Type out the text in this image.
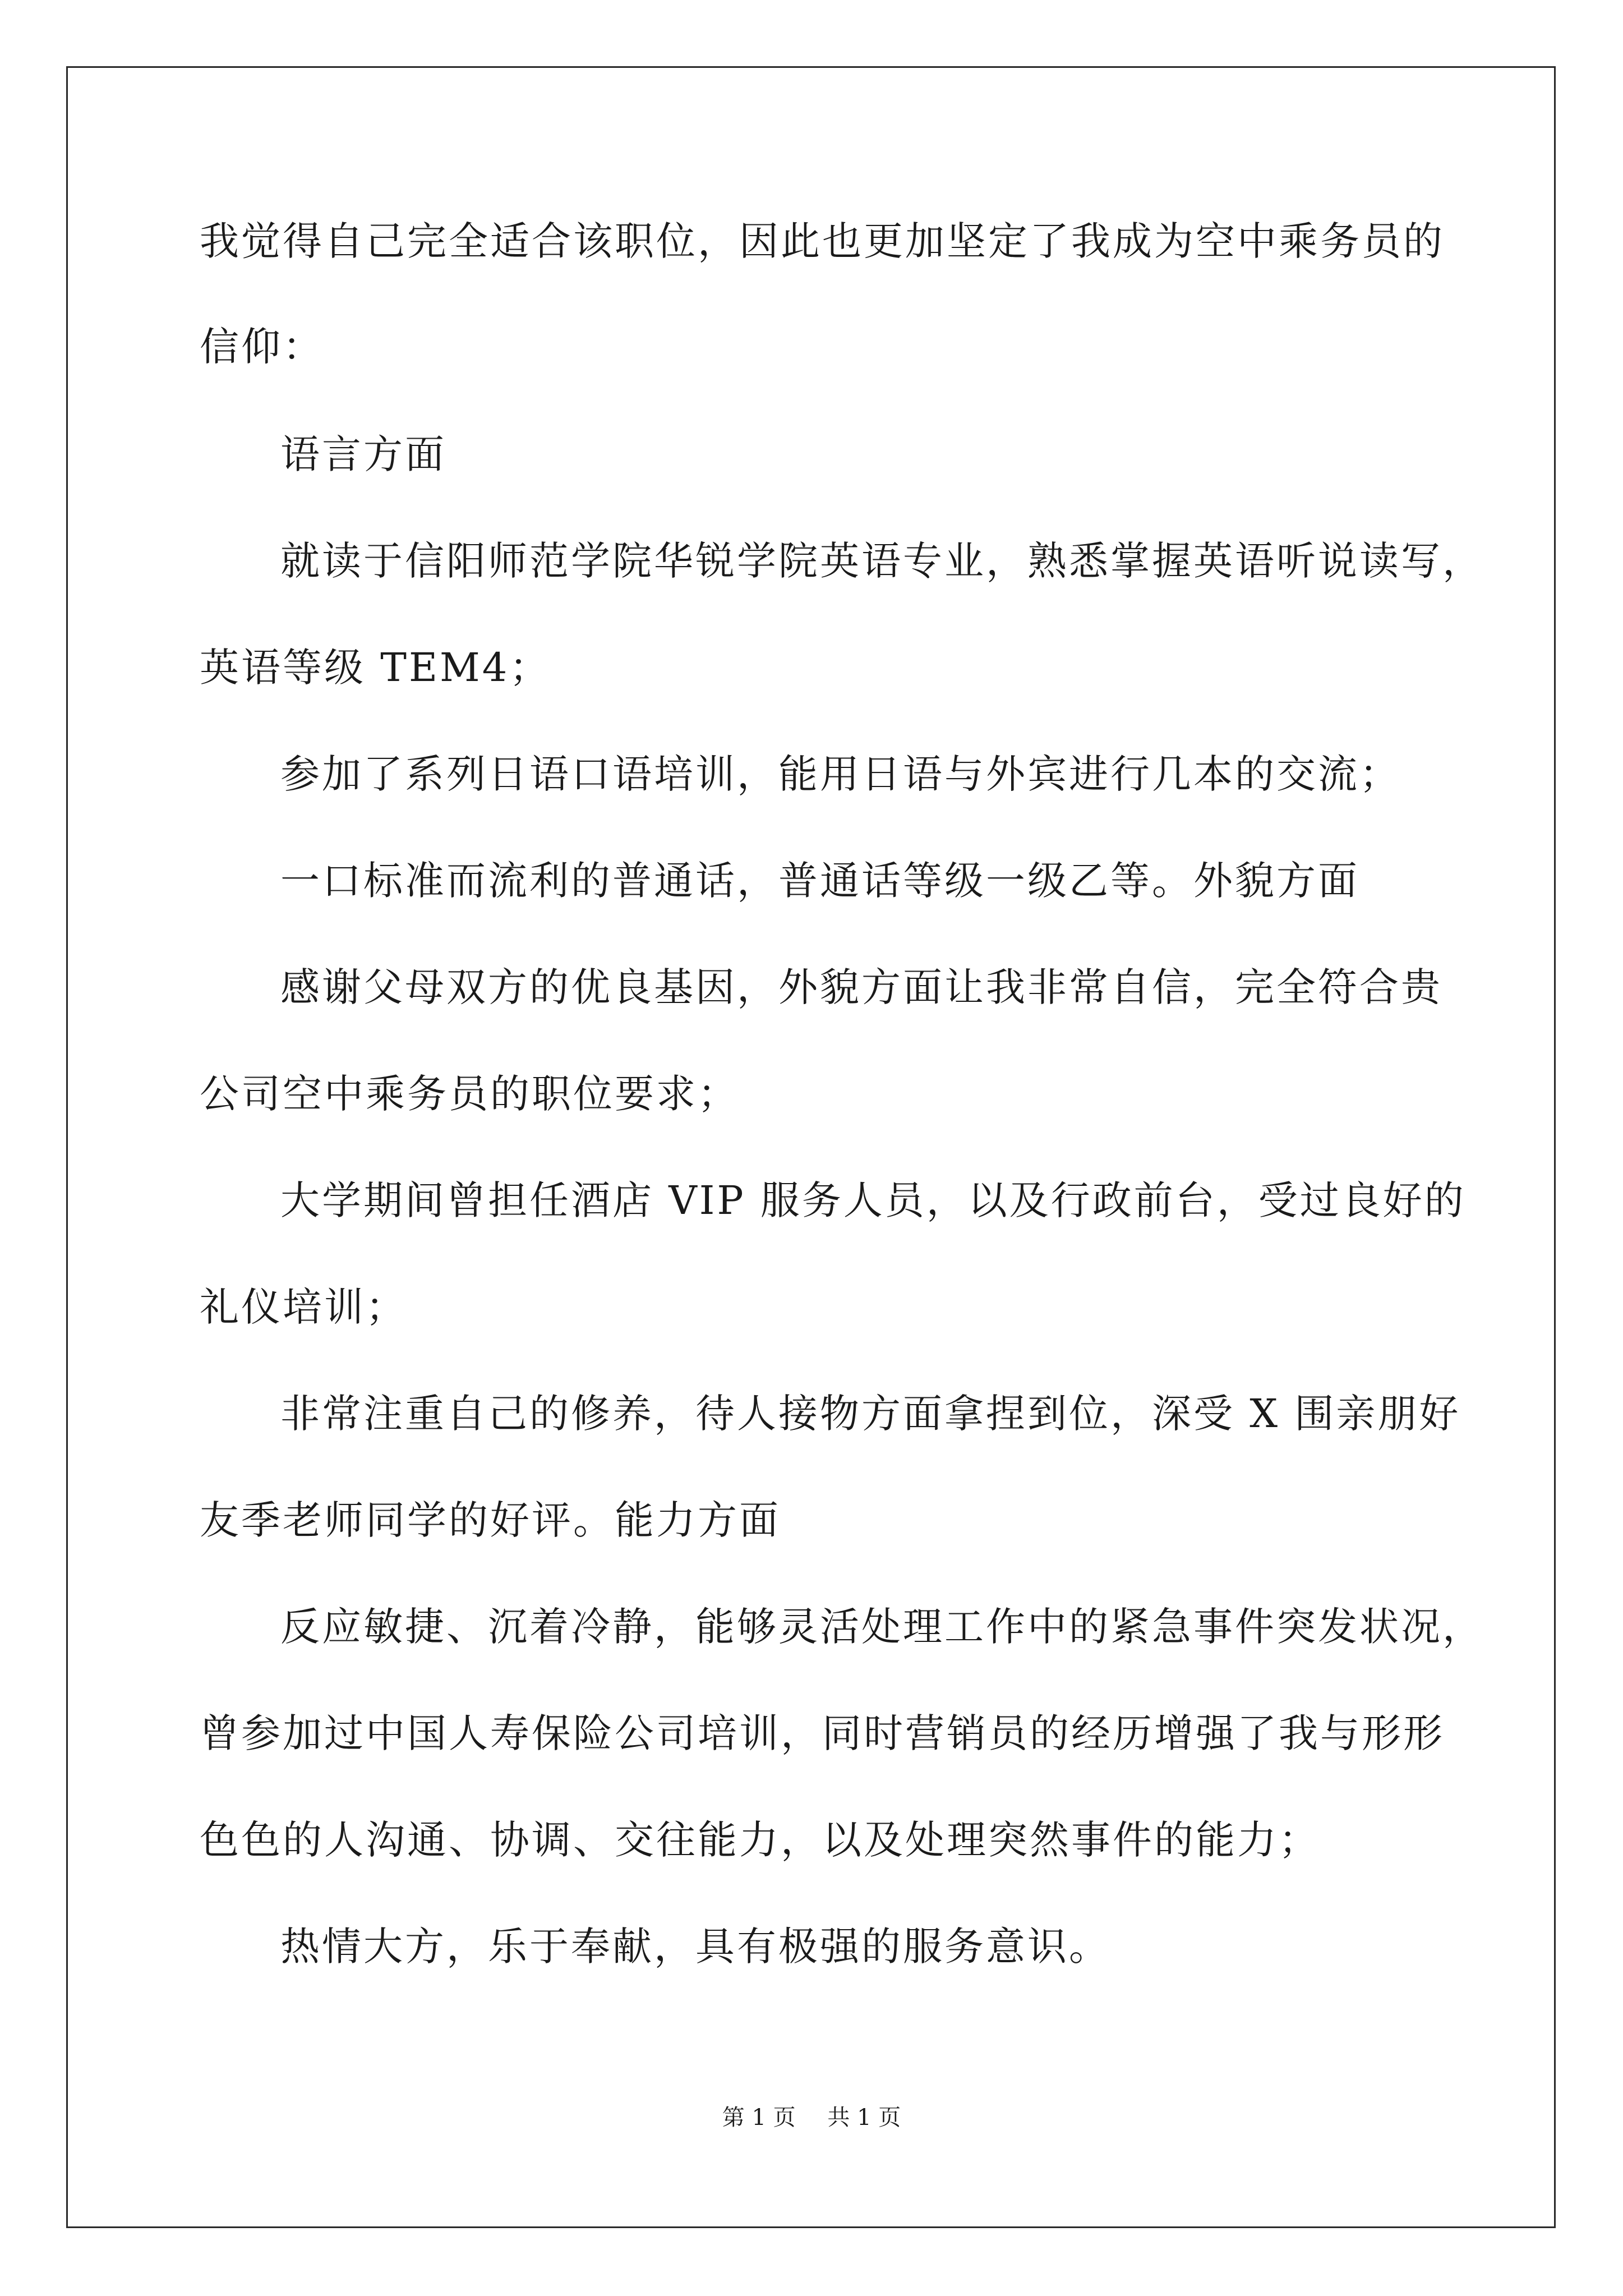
我觉得自己完全适合该职位，因此也更加坚定了我成为空中乘务员的
信仰：
语言方面
就读于信阳师范学院华锐学院英语专业，熟悉掌握英语听说读写，
英语等级 TEM4；
参加了系列日语口语培训，能用日语与外宾进行几本的交流；
一口标准而流利的普通话，普通话等级一级乙等。外貌方面
感谢父母双方的优良基因，外貌方面让我非常自信，完全符合贵
公司空中乘务员的职位要求；
大学期间曾担任酒店 VIP 服务人员，以及行政前台，受过良好的
礼仪培训；
非常注重自己的修养，待人接物方面拿捏到位，深受 X 围亲朋好
友季老师同学的好评。能力方面
反应敏捷、沉着冷静，能够灵活处理工作中的紧急事件突发状况，
曾参加过中国人寿保险公司培训，同时营销员的经历增强了我与形形
色色的人沟通、协调、交往能力，以及处理突然事件的能力；
热情大方，乐于奉献，具有极强的服务意识。
第 1 页 共 1 页
